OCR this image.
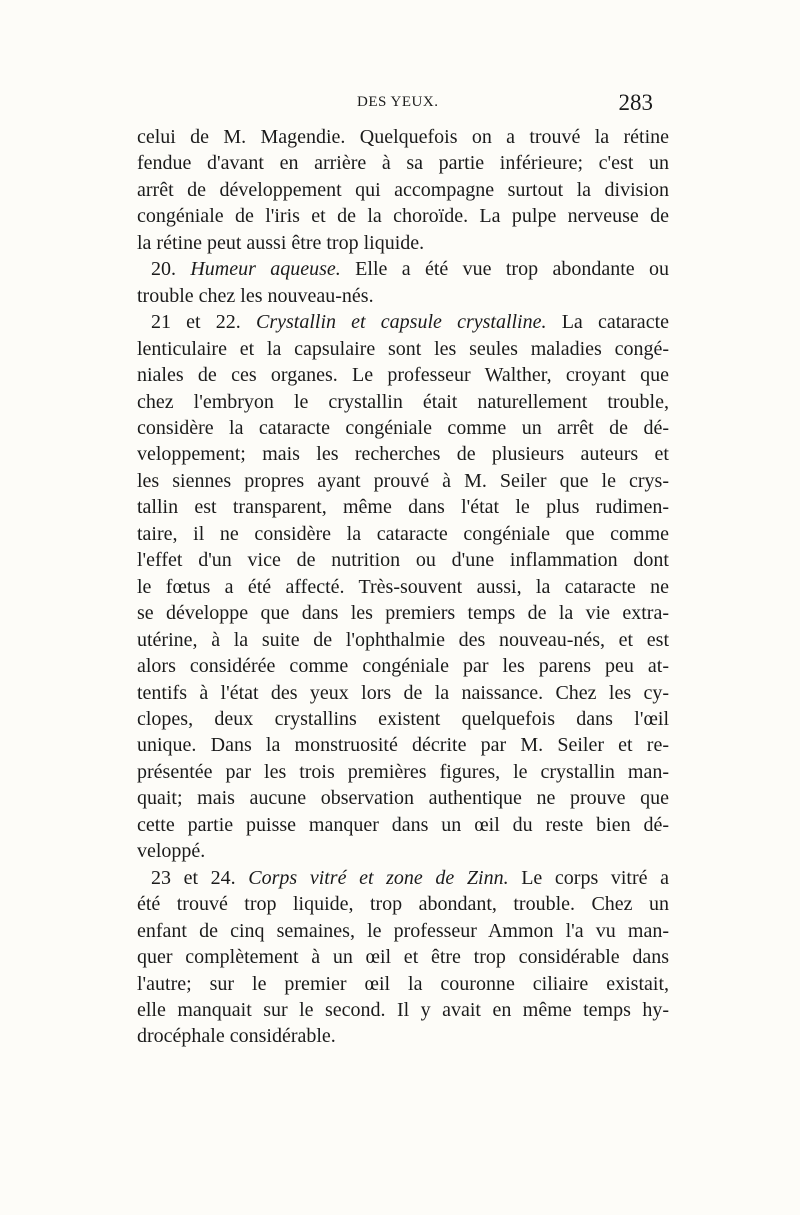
DES YEUX.	283
celui de M. Magendie. Quelquefois on a trouvé la rétine
fendue d'avant en arrière à sa partie inférieure; c'est un
arrêt de développement qui accompagne surtout la division
congéniale de l'iris et de la choroïde. La pulpe nerveuse de
la rétine peut aussi être trop liquide.
20. Humeur aqueuse. Elle a été vue trop abondante ou
trouble chez les nouveau-nés.
21 et 22. Crystallin et capsule crystalline. La cataracte
lenticulaire et la capsulaire sont les seules maladies congé-
niales de ces organes. Le professeur Walther, croyant que
chez l'embryon le crystallin était naturellement trouble,
considère la cataracte congéniale comme un arrêt de dé-
veloppement; mais les recherches de plusieurs auteurs et
les siennes propres ayant prouvé à M. Seiler que le crys-
tallin est transparent, même dans l'état le plus rudimen-
taire, il ne considère la cataracte congéniale que comme
l'effet d'un vice de nutrition ou d'une inflammation dont
le fœtus a été affecté. Très-souvent aussi, la cataracte ne
se développe que dans les premiers temps de la vie extra-
utérine, à la suite de l'ophthalmie des nouveau-nés, et est
alors considérée comme congéniale par les parens peu at-
tentifs à l'état des yeux lors de la naissance. Chez les cy-
clopes, deux crystallins existent quelquefois dans l'œil
unique. Dans la monstruosité décrite par M. Seiler et re-
présentée par les trois premières figures, le crystallin man-
quait; mais aucune observation authentique ne prouve que
cette partie puisse manquer dans un œil du reste bien dé-
veloppé.
23 et 24. Corps vitré et zone de Zinn. Le corps vitré a
été trouvé trop liquide, trop abondant, trouble. Chez un
enfant de cinq semaines, le professeur Ammon l'a vu man-
quer complètement à un œil et être trop considérable dans
l'autre; sur le premier œil la couronne ciliaire existait,
elle manquait sur le second. Il y avait en même temps hy-
drocéphale considérable.
